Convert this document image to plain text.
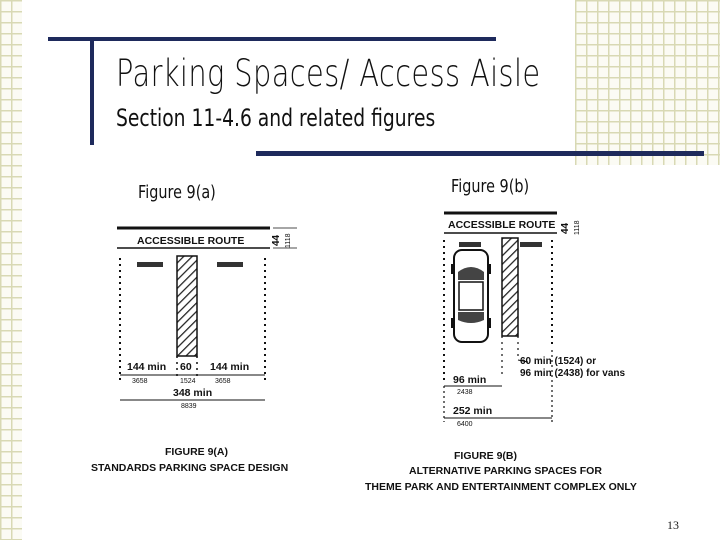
Parking Spaces/ Access Aisle
Section 11-4.6 and related figures
Figure 9(a)	Figure 9(b)
ACCESSIBLE ROUTE	44 1118
144 min
3658
60
1524
144 min
3658
348 min
8839
FIGURE 9(A)
STANDARDS PARKING SPACE DESIGN
ACCESSIBLE ROUTE 44 1118
60 min (1524) or
96 min (2438) for vans
96 min
2438
252 min
6400
FIGURE 9(B)
ALTERNATIVE PARKING SPACES FOR
THEME PARK AND ENTERTAINMENT COMPLEX ONLY
13
